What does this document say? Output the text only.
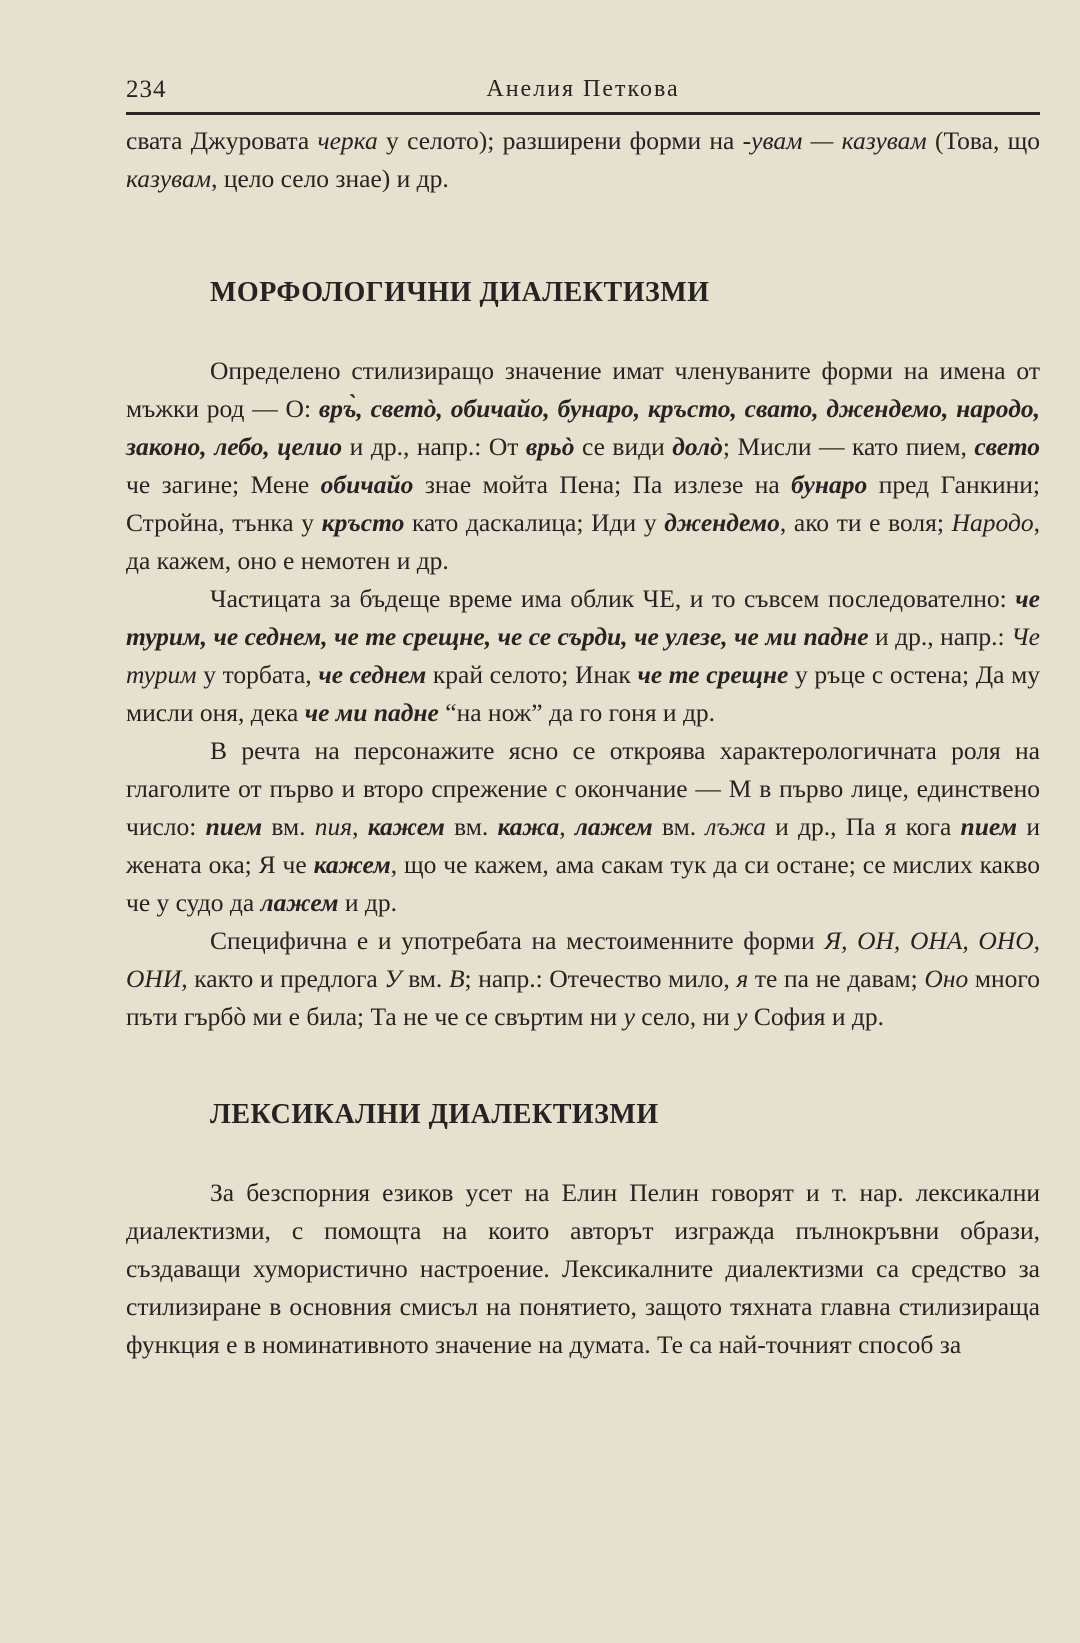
234	Анелия Петкова

свата Джуровата черка у селото); разширени форми на -увам — казувам (Това, що казувам, цело село знае) и др.

МОРФОЛОГИЧНИ ДИАЛЕКТИЗМИ

Определено стилизиращо значение имат членуваните форми на имена от мъжки род — О: връ̀, светò, обичайо, бунаро, кръсто, свато, джендемо, народо, законо, лебо, целио и др., напр.: От врьò се види долò; Мисли — като пием, свето че загине; Мене обичайо знае мойта Пена; Па излезе на бунаро пред Ганкини; Стройна, тънка у кръсто като даскалица; Иди у джендемо, ако ти е воля; Народо, да кажем, оно е немотен и др.

Частицата за бъдеще време има облик ЧЕ, и то съвсем последователно: че турим, че седнем, че те срещне, че се сърди, че улезе, че ми падне и др., напр.: Че турим у торбата, че седнем край селото; Инак че те срещне у ръце с остена; Да му мисли оня, дека че ми падне “на нож” да го гоня и др.

В речта на персонажите ясно се откроява характерологичната роля на глаголите от първо и второ спрежение с окончание — М в първо лице, единствено число: пием вм. пия, кажем вм. кажа, лажем вм. лъжа и др., Па я кога пием и жената ока; Я че кажем, що че кажем, ама сакам тук да си остане; се мислих какво че у судо да лажем и др.

Специфична е и употребата на местоименните форми Я, ОН, ОНА, ОНО, ОНИ, както и предлога У вм. В; напр.: Отечество мило, я те па не давам; Оно много пъти гърбò ми е била; Та не че се свъртим ни у село, ни у София и др.

ЛЕКСИКАЛНИ ДИАЛЕКТИЗМИ

За безспорния езиков усет на Елин Пелин говорят и т. нар. лексикални диалектизми, с помощта на които авторът изгражда пълнокръвни образи, създаващи хумористично настроение. Лексикалните диалектизми са средство за стилизиране в основния смисъл на понятието, защото тяхната главна стилизираща функция е в номинативното значение на думата. Те са най-точният способ за
